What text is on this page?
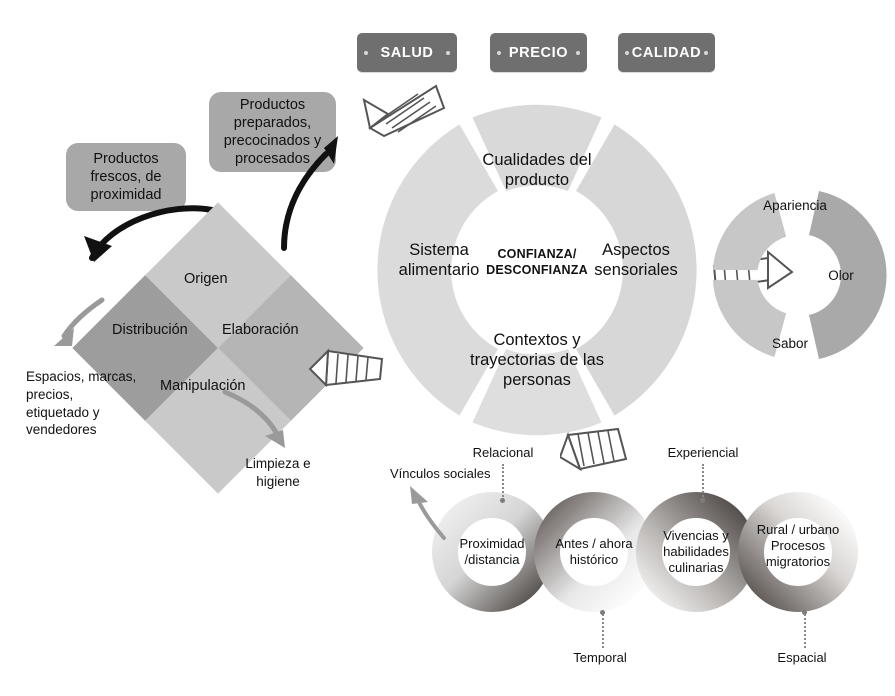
SALUD	PRECIO	CALIDAD
Productos preparados, precocinados y procesados
Productos frescos, de proximidad
Origen
Distribución Elaboración
Manipulación
Espacios, marcas, precios, etiquetado y vendedores
Limpieza e higiene
Cualidades del producto
Aspectos sensoriales
Contextos y trayectorias de las personas
Sistema alimentario
CONFIANZA/
DESCONFIANZA
Apariencia
Olor
Sabor
Proximidad /distancia
Antes / ahora histórico
Vivencias y habilidades culinarias
Rural / urbano Procesos migratorios
Vínculos sociales
Relacional	Experiencial
Temporal	Espacial
